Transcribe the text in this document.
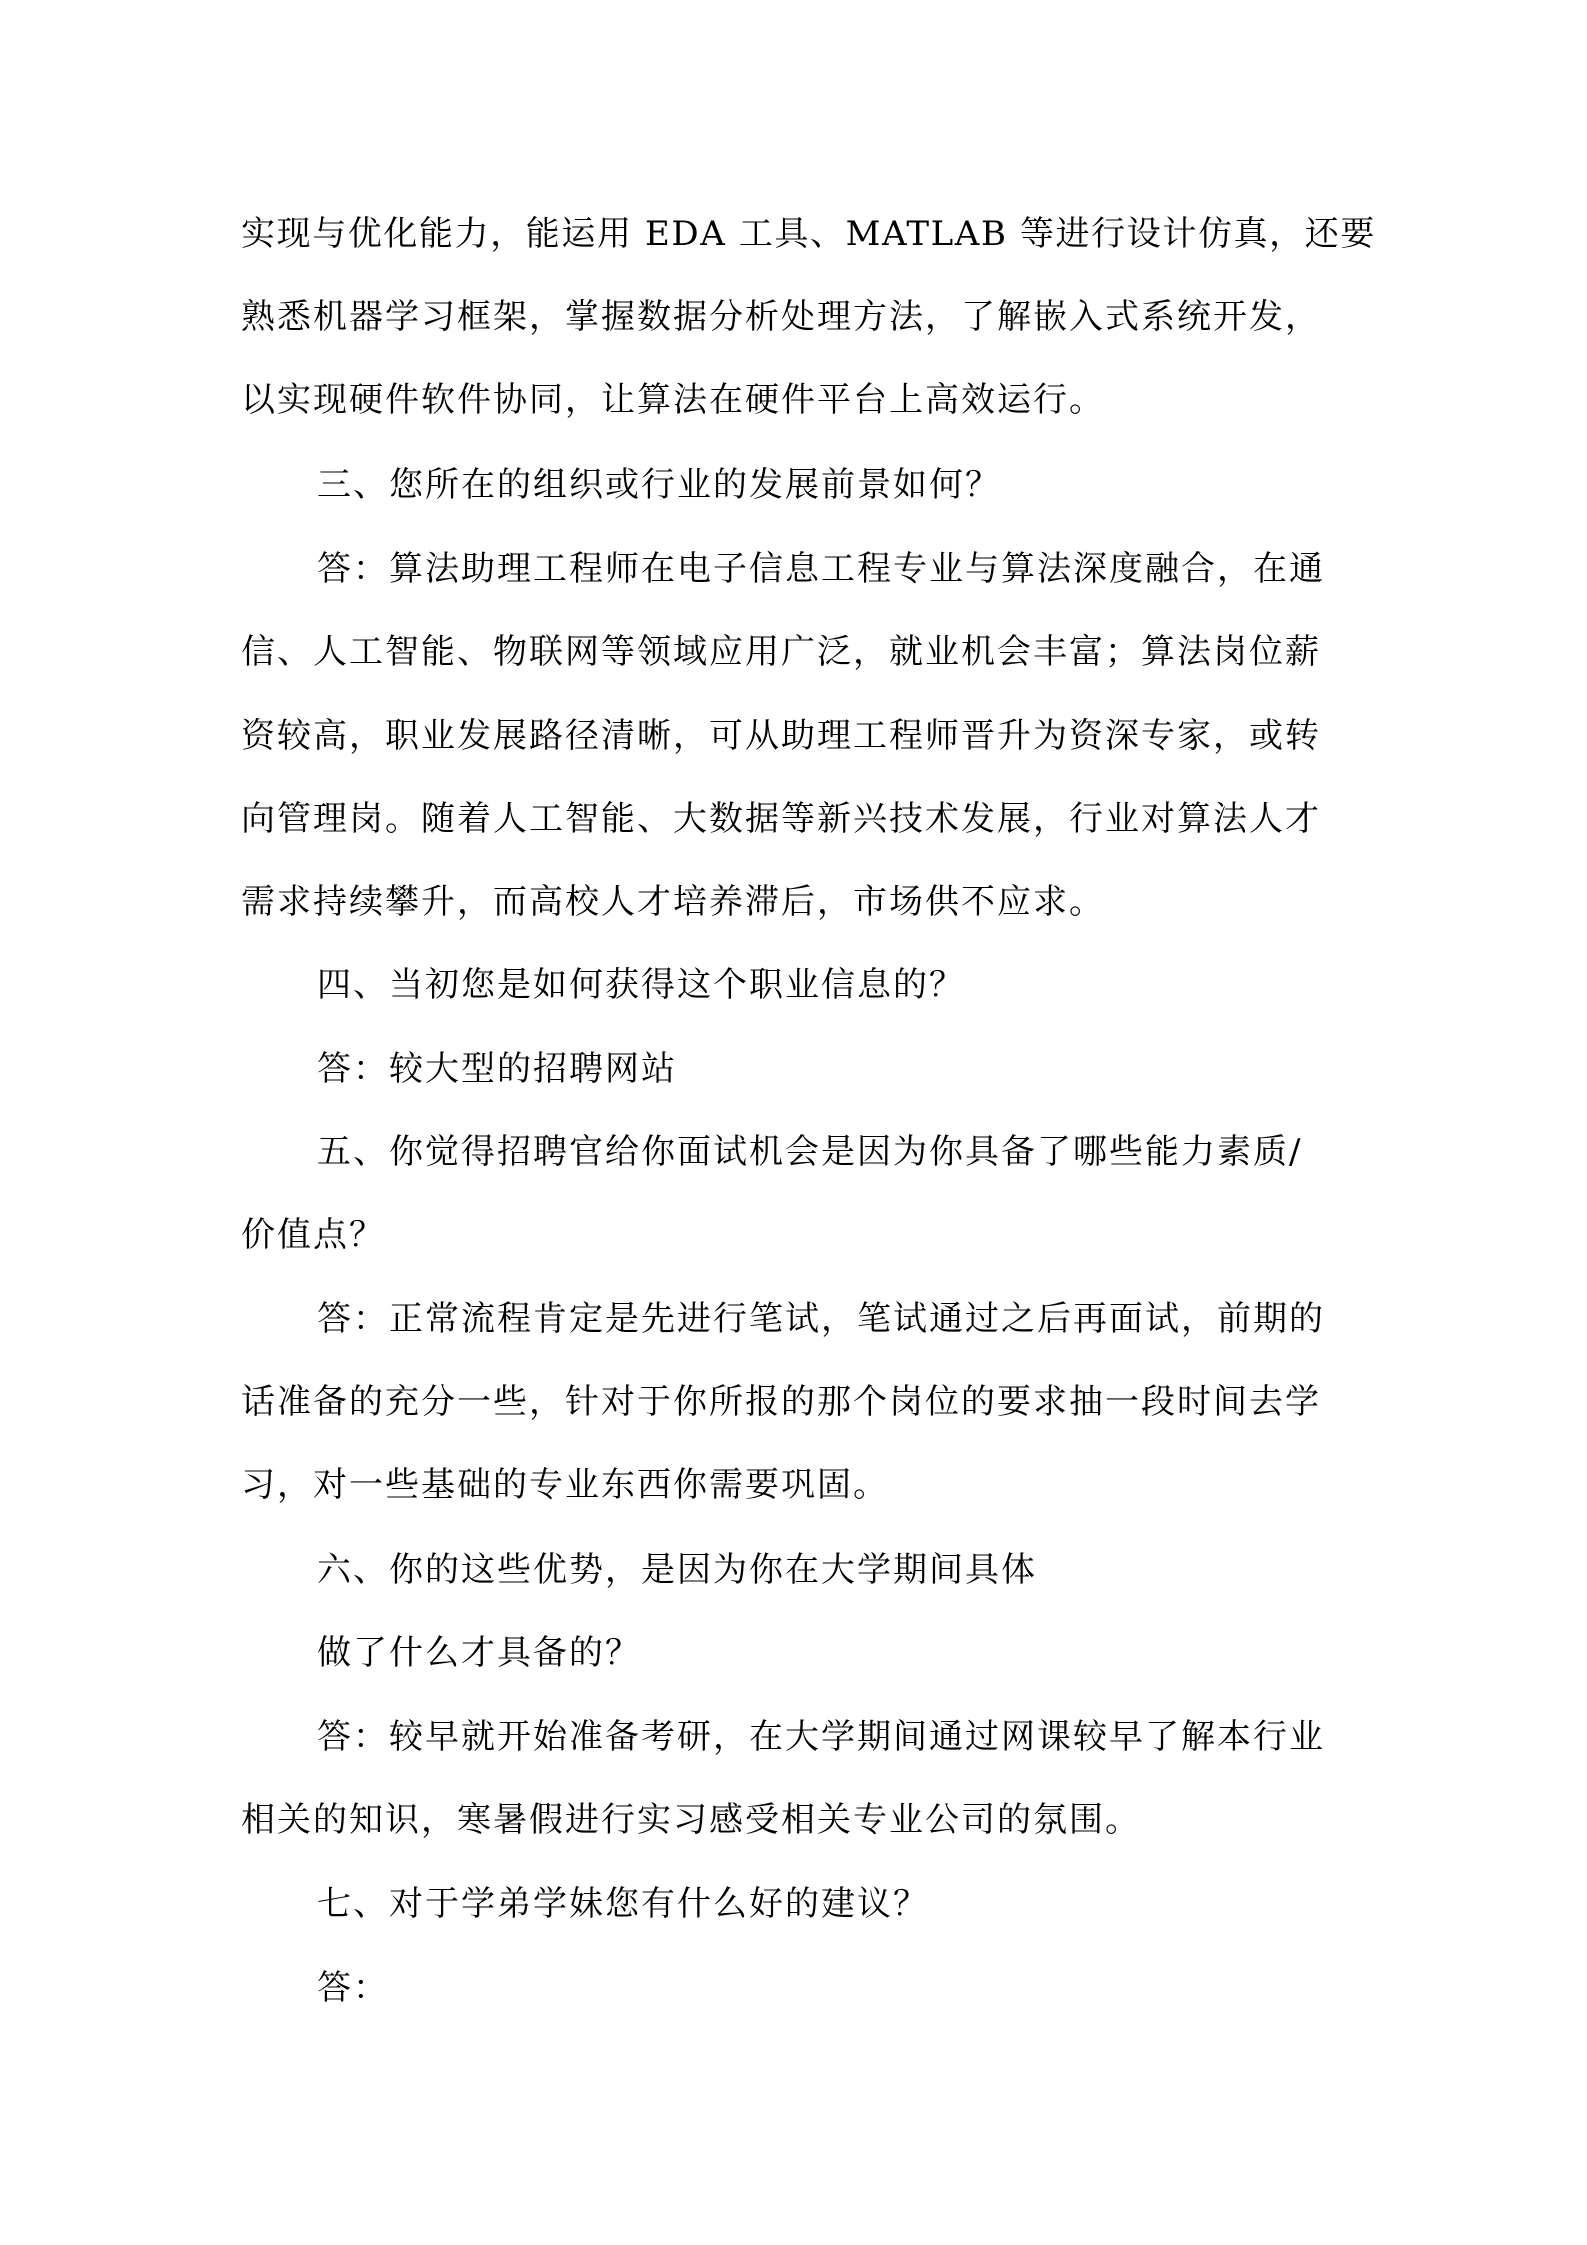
实现与优化能力，能运用 EDA 工具、MATLAB 等进行设计仿真，还要
熟悉机器学习框架，掌握数据分析处理方法，了解嵌入式系统开发，
以实现硬件软件协同，让算法在硬件平台上高效运行。
三、您所在的组织或行业的发展前景如何？
答：算法助理工程师在电子信息工程专业与算法深度融合，在通
信、人工智能、物联网等领域应用广泛，就业机会丰富；算法岗位薪
资较高，职业发展路径清晰，可从助理工程师晋升为资深专家，或转
向管理岗。随着人工智能、大数据等新兴技术发展，行业对算法人才
需求持续攀升，而高校人才培养滞后，市场供不应求。
四、当初您是如何获得这个职业信息的？
答：较大型的招聘网站
五、你觉得招聘官给你面试机会是因为你具备了哪些能力素质/
价值点？
答：正常流程肯定是先进行笔试，笔试通过之后再面试，前期的
话准备的充分一些，针对于你所报的那个岗位的要求抽一段时间去学
习，对一些基础的专业东西你需要巩固。
六、你的这些优势，是因为你在大学期间具体
做了什么才具备的？
答：较早就开始准备考研，在大学期间通过网课较早了解本行业
相关的知识，寒暑假进行实习感受相关专业公司的氛围。
七、对于学弟学妹您有什么好的建议？
答：
